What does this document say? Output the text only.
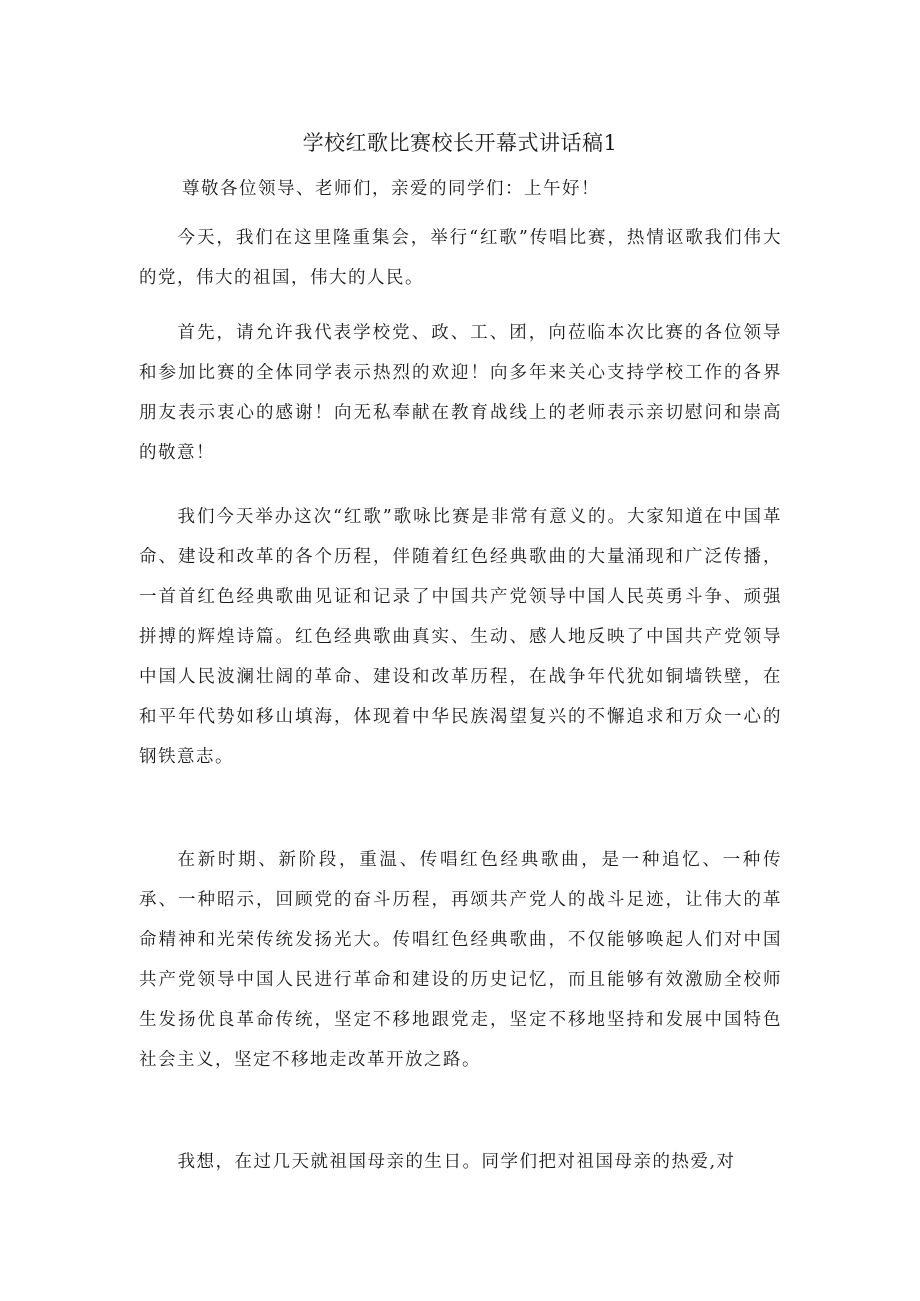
学校红歌比赛校长开幕式讲话稿1

尊敬各位领导、老师们，亲爱的同学们：上午好！

今天，我们在这里隆重集会，举行“红歌”传唱比赛，热情讴歌我们伟大的党，伟大的祖国，伟大的人民。

首先，请允许我代表学校党、政、工、团，向莅临本次比赛的各位领导和参加比赛的全体同学表示热烈的欢迎！向多年来关心支持学校工作的各界朋友表示衷心的感谢！向无私奉献在教育战线上的老师表示亲切慰问和崇高的敬意！

我们今天举办这次“红歌”歌咏比赛是非常有意义的。大家知道在中国革命、建设和改革的各个历程，伴随着红色经典歌曲的大量涌现和广泛传播，一首首红色经典歌曲见证和记录了中国共产党领导中国人民英勇斗争、顽强拼搏的辉煌诗篇。红色经典歌曲真实、生动、感人地反映了中国共产党领导中国人民波澜壮阔的革命、建设和改革历程，在战争年代犹如铜墙铁壁，在和平年代势如移山填海，体现着中华民族渴望复兴的不懈追求和万众一心的钢铁意志。

在新时期、新阶段，重温、传唱红色经典歌曲，是一种追忆、一种传承、一种昭示，回顾党的奋斗历程，再颂共产党人的战斗足迹，让伟大的革命精神和光荣传统发扬光大。传唱红色经典歌曲，不仅能够唤起人们对中国共产党领导中国人民进行革命和建设的历史记忆，而且能够有效激励全校师生发扬优良革命传统，坚定不移地跟党走，坚定不移地坚持和发展中国特色社会主义，坚定不移地走改革开放之路。

我想，在过几天就祖国母亲的生日。同学们把对祖国母亲的热爱,对
